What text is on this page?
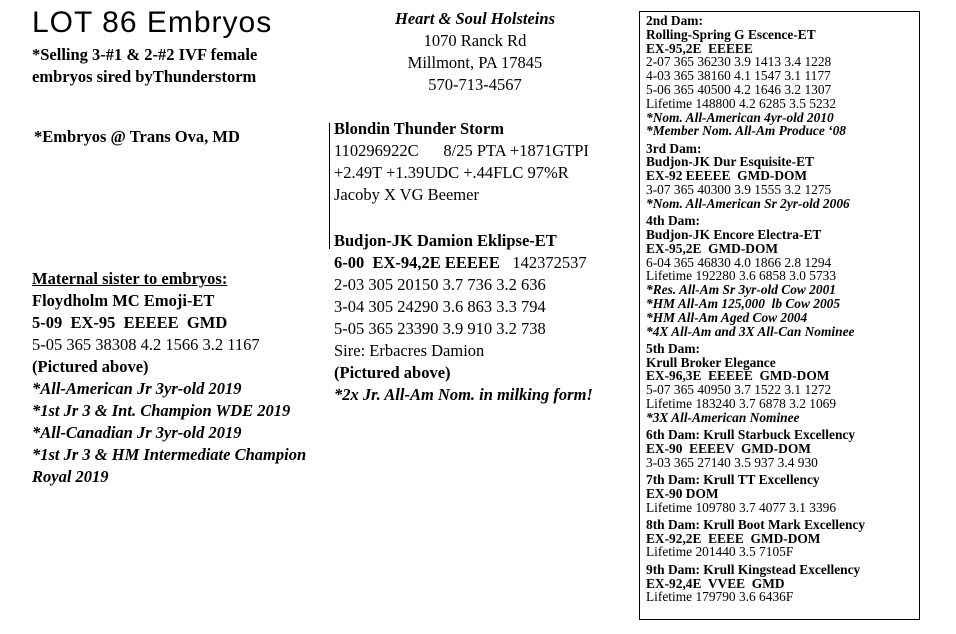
LOT 86 Embryos
*Selling 3-#1 & 2-#2 IVF female
embryos sired byThunderstorm
Heart & Soul Holsteins
1070 Ranck Rd
Millmont, PA 17845
570-713-4567
*Embryos @ Trans Ova, MD	Blondin Thunder Storm
110296922C      8/25 PTA +1871GTPI
+2.49T +1.39UDC +.44FLC 97%R
Jacoby X VG Beemer
Budjon-JK Damion Eklipse-ET
6-00  EX-94,2E EEEEE 142372537
2-03 305 20150 3.7 736 3.2 636
3-04 305 24290 3.6 863 3.3 794
5-05 365 23390 3.9 910 3.2 738
Sire: Erbacres Damion
(Pictured above)
*2x Jr. All-Am Nom. in milking form!
Maternal sister to embryos:
Floydholm MC Emoji-ET
5-09  EX-95  EEEEE  GMD
5-05 365 38308 4.2 1566 3.2 1167
(Pictured above)
*All-American Jr 3yr-old 2019
*1st Jr 3 & Int. Champion WDE 2019
*All-Canadian Jr 3yr-old 2019
*1st Jr 3 & HM Intermediate Champion
Royal 2019
2nd Dam:
Rolling-Spring G Escence-ET
EX-95,2E  EEEEE
2-07 365 36230 3.9 1413 3.4 1228
4-03 365 38160 4.1 1547 3.1 1177
5-06 365 40500 4.2 1646 3.2 1307
Lifetime 148800 4.2 6285 3.5 5232
*Nom. All-American 4yr-old 2010
*Member Nom. All-Am Produce ‘08
3rd Dam:
Budjon-JK Dur Esquisite-ET
EX-92 EEEEE  GMD-DOM
3-07 365 40300 3.9 1555 3.2 1275
*Nom. All-American Sr 2yr-old 2006
4th Dam:
Budjon-JK Encore Electra-ET
EX-95,2E  GMD-DOM
6-04 365 46830 4.0 1866 2.8 1294
Lifetime 192280 3.6 6858 3.0 5733
*Res. All-Am Sr 3yr-old Cow 2001
*HM All-Am 125,000  lb Cow 2005
*HM All-Am Aged Cow 2004
*4X All-Am and 3X All-Can Nominee
5th Dam:
Krull Broker Elegance
EX-96,3E  EEEEE  GMD-DOM
5-07 365 40950 3.7 1522 3.1 1272
Lifetime 183240 3.7 6878 3.2 1069
*3X All-American Nominee
6th Dam: Krull Starbuck Excellency
EX-90  EEEEV  GMD-DOM
3-03 365 27140 3.5 937 3.4 930
7th Dam: Krull TT Excellency
EX-90 DOM
Lifetime 109780 3.7 4077 3.1 3396
8th Dam: Krull Boot Mark Excellency
EX-92,2E  EEEE  GMD-DOM
Lifetime 201440 3.5 7105F
9th Dam: Krull Kingstead Excellency
EX-92,4E  VVEE  GMD
Lifetime 179790 3.6 6436F
